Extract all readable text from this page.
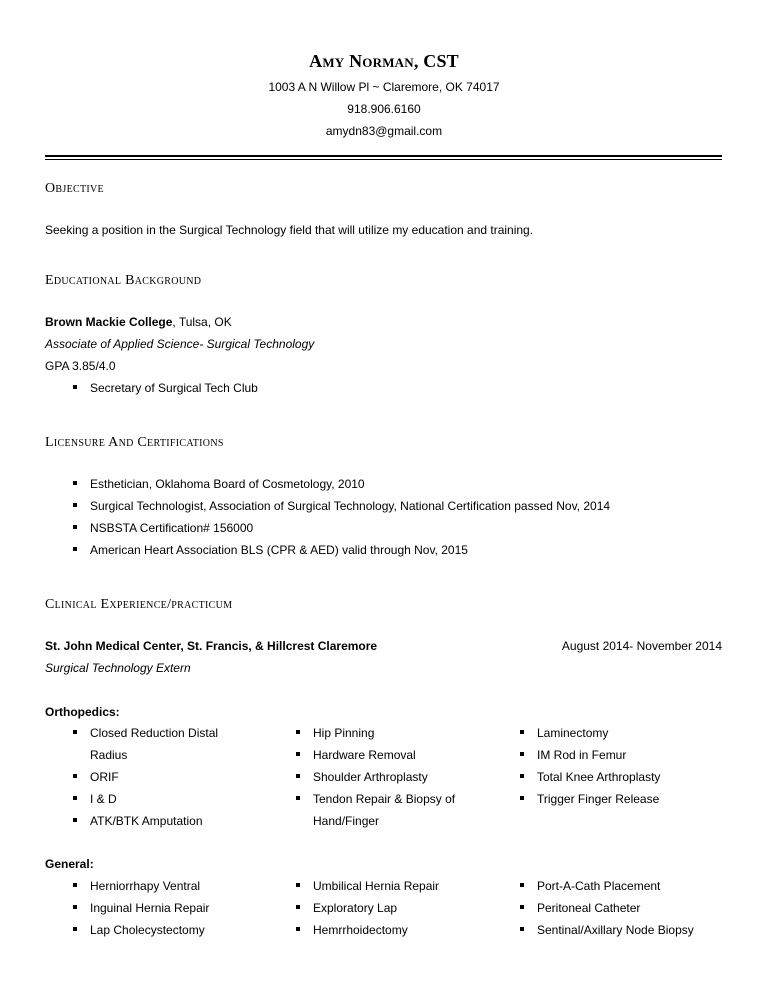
Amy Norman, CST
1003 A N Willow Pl ~ Claremore, OK 74017
918.906.6160
amydn83@gmail.com
Objective
Seeking a position in the Surgical Technology field that will utilize my education and training.
Educational Background
Brown Mackie College, Tulsa, OK
Associate of Applied Science- Surgical Technology
GPA 3.85/4.0
Secretary of Surgical Tech Club
Licensure And Certifications
Esthetician, Oklahoma Board of Cosmetology, 2010
Surgical Technologist, Association of Surgical Technology, National Certification passed Nov, 2014
NSBSTA Certification# 156000
American Heart Association BLS (CPR & AED) valid through Nov, 2015
Clinical Experience/practicum
St. John Medical Center, St. Francis, & Hillcrest Claremore	August 2014- November 2014
Surgical Technology Extern
Orthopedics:
Closed Reduction Distal
Radius
ORIF
I & D
ATK/BTK Amputation
Hip Pinning
Hardware Removal
Shoulder Arthroplasty
Tendon Repair & Biopsy of
Hand/Finger
Laminectomy
IM Rod in Femur
Total Knee Arthroplasty
Trigger Finger Release
General:
Herniorrhapy Ventral
Inguinal Hernia Repair
Lap Cholecystectomy
Umbilical Hernia Repair
Exploratory Lap
Hemrrhoidectomy
Port-A-Cath Placement
Peritoneal Catheter
Sentinal/Axillary Node Biopsy
